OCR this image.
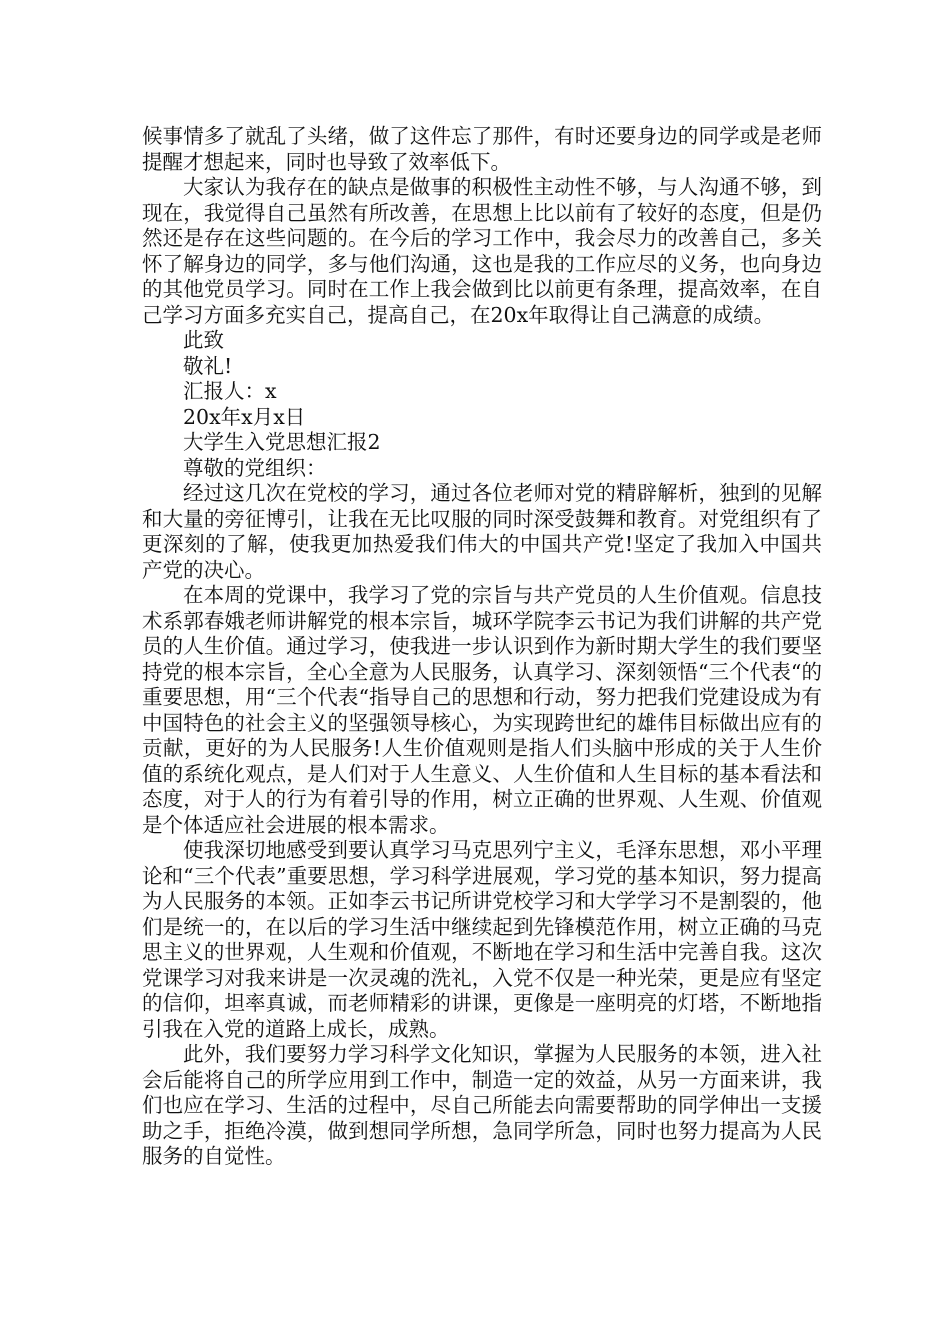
候事情多了就乱了头绪，做了这件忘了那件，有时还要身边的同学或是老师提醒才想起来，同时也导致了效率低下。

大家认为我存在的缺点是做事的积极性主动性不够，与人沟通不够，到现在，我觉得自己虽然有所改善，在思想上比以前有了较好的态度，但是仍然还是存在这些问题的。在今后的学习工作中，我会尽力的改善自己，多关怀了解身边的同学，多与他们沟通，这也是我的工作应尽的义务，也向身边的其他党员学习。同时在工作上我会做到比以前更有条理，提高效率，在自己学习方面多充实自己，提高自己，在20x年取得让自己满意的成绩。

此致

敬礼!

汇报人：x

20x年x月x日

大学生入党思想汇报2

尊敬的党组织：

经过这几次在党校的学习，通过各位老师对党的精辟解析，独到的见解和大量的旁征博引，让我在无比叹服的同时深受鼓舞和教育。对党组织有了更深刻的了解，使我更加热爱我们伟大的中国共产党!坚定了我加入中国共产党的决心。

在本周的党课中，我学习了党的宗旨与共产党员的人生价值观。信息技术系郭春娥老师讲解党的根本宗旨，城环学院李云书记为我们讲解的共产党员的人生价值。通过学习，使我进一步认识到作为新时期大学生的我们要坚持党的根本宗旨，全心全意为人民服务，认真学习、深刻领悟“三个代表“的重要思想，用“三个代表“指导自己的思想和行动，努力把我们党建设成为有中国特色的社会主义的坚强领导核心，为实现跨世纪的雄伟目标做出应有的贡献，更好的为人民服务!人生价值观则是指人们头脑中形成的关于人生价值的系统化观点，是人们对于人生意义、人生价值和人生目标的基本看法和态度，对于人的行为有着引导的作用，树立正确的世界观、人生观、价值观是个体适应社会进展的根本需求。

使我深切地感受到要认真学习马克思列宁主义，毛泽东思想，邓小平理论和“三个代表”重要思想，学习科学进展观，学习党的基本知识，努力提高为人民服务的本领。正如李云书记所讲党校学习和大学学习不是割裂的，他们是统一的，在以后的学习生活中继续起到先锋模范作用，树立正确的马克思主义的世界观，人生观和价值观，不断地在学习和生活中完善自我。这次党课学习对我来讲是一次灵魂的洗礼，入党不仅是一种光荣，更是应有坚定的信仰，坦率真诚，而老师精彩的讲课，更像是一座明亮的灯塔，不断地指引我在入党的道路上成长，成熟。

此外，我们要努力学习科学文化知识，掌握为人民服务的本领，进入社会后能将自己的所学应用到工作中，制造一定的效益，从另一方面来讲，我们也应在学习、生活的过程中，尽自己所能去向需要帮助的同学伸出一支援助之手，拒绝冷漠，做到想同学所想，急同学所急，同时也努力提高为人民服务的自觉性。
